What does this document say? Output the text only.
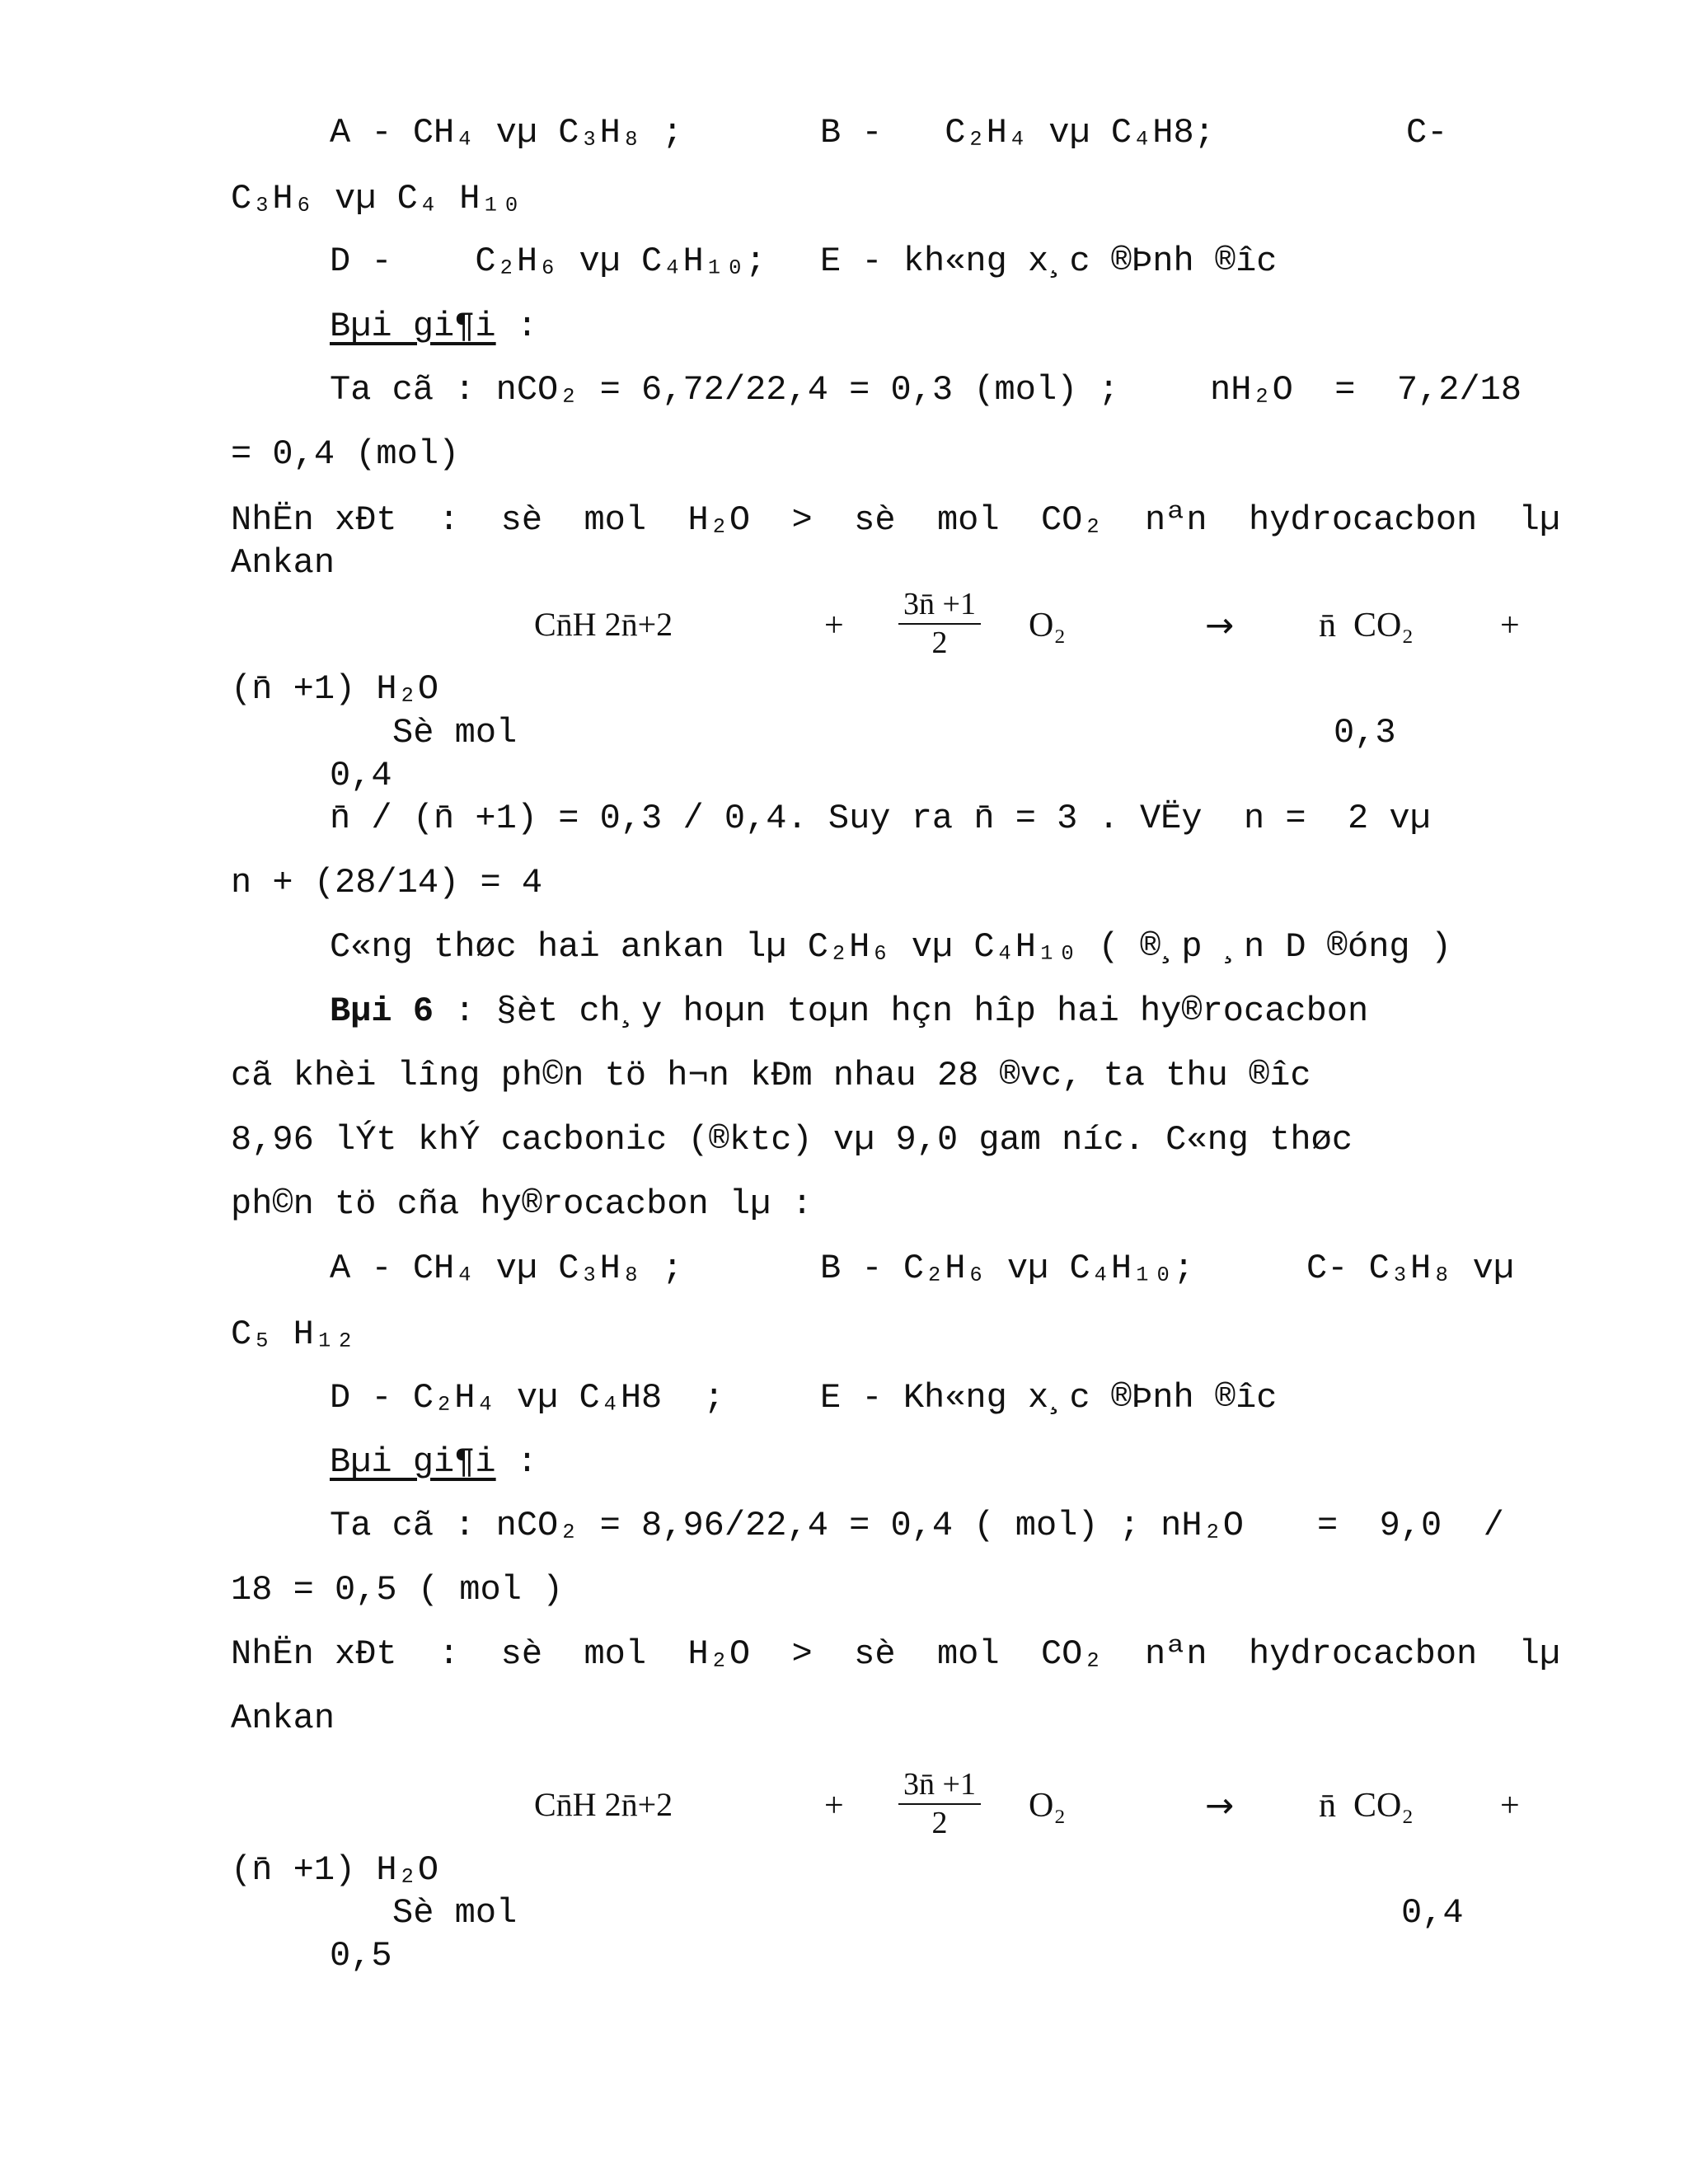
A - CH₄ vµ C₃H₈ ;	B -   C₂H₄ vµ C₄H8;	C-
C₃H₆ vµ C₄ H₁₀
D -    C₂H₆ vµ C₄H₁₀; E - kh«ng x¸c ®Þnh ®îc
Bµi gi¶i :
Ta cã : nCO₂ = 6,72/22,4 = 0,3 (mol) ;	nH₂O  =  7,2/18
= 0,4 (mol)
NhËn xÐt  :  sè  mol  H₂O  >  sè  mol  CO₂  nªn  hydrocacbon  lµ
Ankan
Cn̄H 2n̄+2	+ $\frac{3n̄ +1}{2} O_2$	→ n̄  CO₂	+
(n̄ +1) H₂O
Sè mol	0,3
0,4
n̄ / (n̄ +1) = 0,3 / 0,4. Suy ra n̄ = 3 . VËy  n =  2 vµ
n + (28/14) = 4
C«ng thøc hai ankan lµ C₂H₆ vµ C₄H₁₀ ( ®¸p ¸n D ®óng )
Bµi 6 : §èt ch¸y hoµn toµn hçn hîp hai hy®rocacbon
cã khèi lîng ph©n tö h¬n kÐm nhau 28 ®vc, ta thu ®îc
8,96 lÝt khÝ cacbonic (®ktc) vµ 9,0 gam níc. C«ng thøc
ph©n tö cña hy®rocacbon lµ :
A - CH₄ vµ C₃H₈ ;	B - C₂H₆ vµ C₄H₁₀;	C- C₃H₈ vµ
C₅ H₁₂
D - C₂H₄ vµ C₄H8  ;	E - Kh«ng x¸c ®Þnh ®îc
Bµi gi¶i :
Ta cã : nCO₂ = 8,96/22,4 = 0,4 ( mol) ; nH₂O =  9,0  /
18 = 0,5 ( mol )
NhËn xÐt  :  sè  mol  H₂O  >  sè  mol  CO₂  nªn  hydrocacbon  lµ
Ankan
Cn̄H 2n̄+2	+ $\frac{3n̄ +1}{2} O_2$	→ n̄  CO₂	+
(n̄ +1) H₂O
Sè mol	0,4
0,5
